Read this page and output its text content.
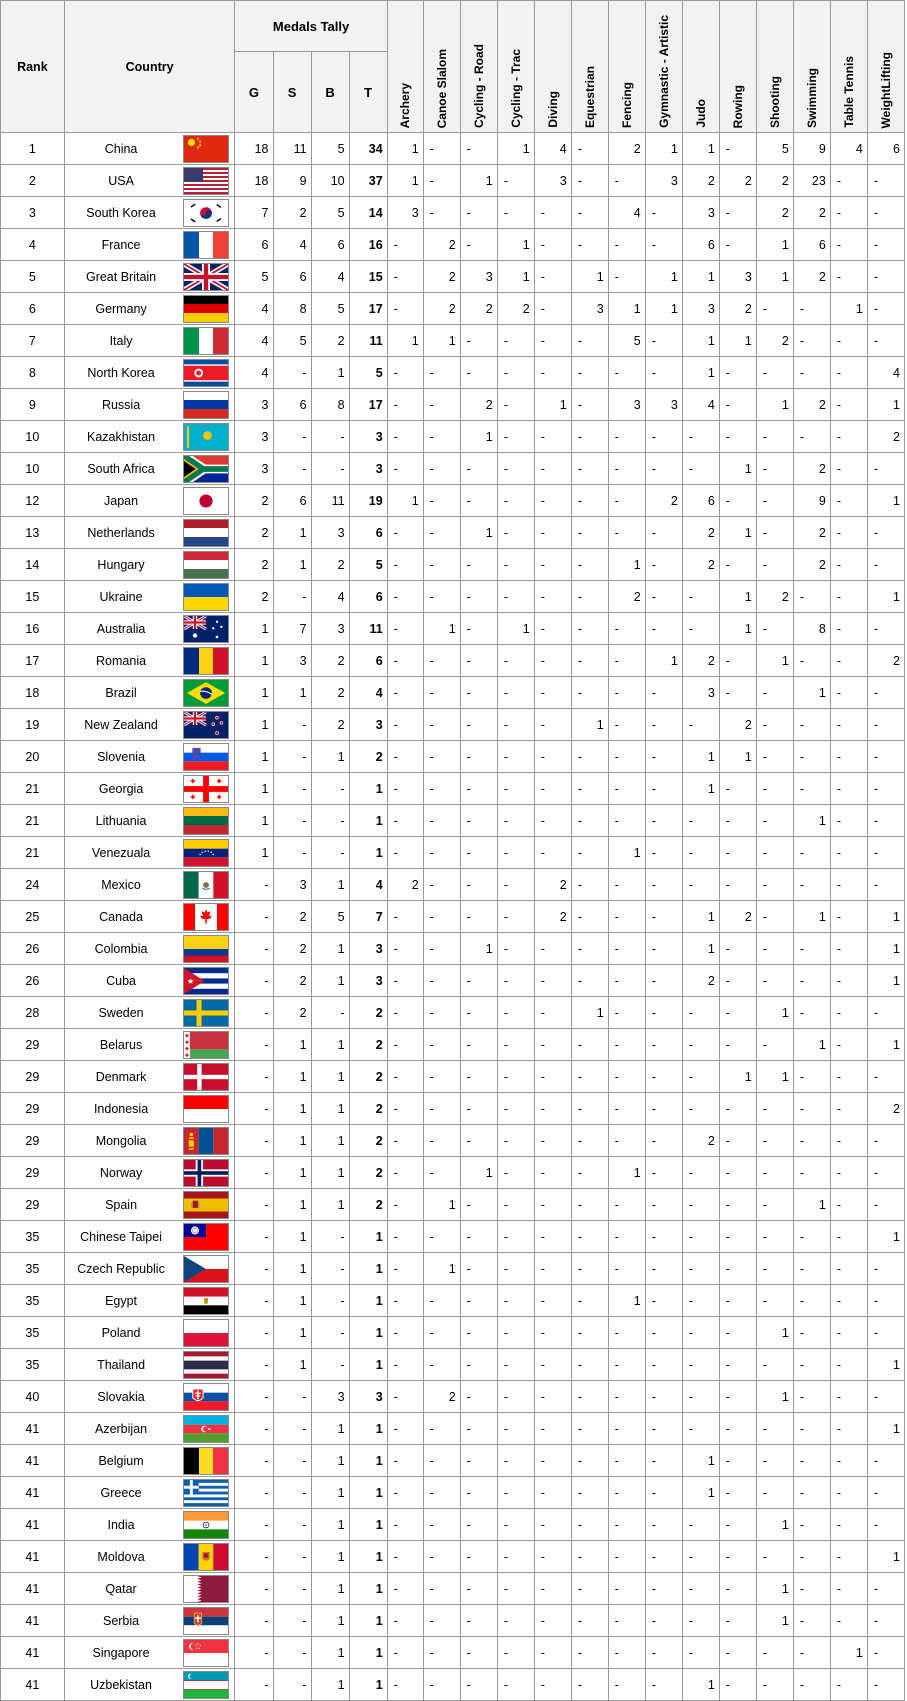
Rank	Country		Medals Tally				Archery	Canoe Slalom	Cycling - Road	Cycling - Trac	Diving	Equestrian	Fencing	Gymnastic - Artistic	Judo	Rowing	Shooting	Swimming	Table Tennis	WeightLifting

			G	S	B	T														
1	China		18	11	5	34	1	-	-	1	4	-	2	1	1	-	5	9	4	6
2	USA		18	9	10	37	1	-	1	-	3	-	-	3	2	2	2	23	-	-
3	South Korea		7	2	5	14	3	-	-	-	-	-	4	-	3	-	2	2	-	-
4	France		6	4	6	16	-	2	-	1	-	-	-	-	6	-	1	6	-	-
5	Great Britain		5	6	4	15	-	2	3	1	-	1	-	1	1	3	1	2	-	-
6	Germany		4	8	5	17	-	2	2	2	-	3	1	1	3	2	-	-	1	-
7	Italy		4	5	2	11	1	1	-	-	-	-	5	-	1	1	2	-	-	-
8	North Korea		4	-	1	5	-	-	-	-	-	-	-	-	1	-	-	-	-	4
9	Russia		3	6	8	17	-	-	2	-	1	-	3	3	4	-	1	2	-	1
10	Kazakhistan		3	-	-	3	-	-	1	-	-	-	-	-	-	-	-	-	-	2
10	South Africa		3	-	-	3	-	-	-	-	-	-	-	-	-	1	-	2	-	-
12	Japan		2	6	11	19	1	-	-	-	-	-	-	2	6	-	-	9	-	1
13	Netherlands		2	1	3	6	-	-	1	-	-	-	-	-	2	1	-	2	-	-
14	Hungary		2	1	2	5	-	-	-	-	-	-	1	-	2	-	-	2	-	-
15	Ukraine		2	-	4	6	-	-	-	-	-	-	2	-	-	1	2	-	-	1
16	Australia		1	7	3	11	-	1	-	1	-	-	-	-	-	1	-	8	-	-
17	Romania		1	3	2	6	-	-	-	-	-	-	-	1	2	-	1	-	-	2
18	Brazil		1	1	2	4	-	-	-	-	-	-	-	-	3	-	-	1	-	-
19	New Zealand		1	-	2	3	-	-	-	-	-	1	-	-	-	2	-	-	-	-
20	Slovenia		1	-	1	2	-	-	-	-	-	-	-	-	1	1	-	-	-	-
21	Georgia		1	-	-	1	-	-	-	-	-	-	-	-	1	-	-	-	-	-
21	Lithuania		1	-	-	1	-	-	-	-	-	-	-	-	-	-	-	1	-	-
21	Venezuala		1	-	-	1	-	-	-	-	-	-	1	-	-	-	-	-	-	-
24	Mexico		-	3	1	4	2	-	-	-	2	-	-	-	-	-	-	-	-	-
25	Canada		-	2	5	7	-	-	-	-	2	-	-	-	1	2	-	1	-	1
26	Colombia		-	2	1	3	-	-	1	-	-	-	-	-	1	-	-	-	-	1
26	Cuba		-	2	1	3	-	-	-	-	-	-	-	-	2	-	-	-	-	1
28	Sweden		-	2	-	2	-	-	-	-	-	1	-	-	-	-	1	-	-	-
29	Belarus		-	1	1	2	-	-	-	-	-	-	-	-	-	-	-	1	-	1
29	Denmark		-	1	1	2	-	-	-	-	-	-	-	-	-	1	1	-	-	-
29	Indonesia		-	1	1	2	-	-	-	-	-	-	-	-	-	-	-	-	-	2
29	Mongolia		-	1	1	2	-	-	-	-	-	-	-	-	2	-	-	-	-	-
29	Norway		-	1	1	2	-	-	1	-	-	-	1	-	-	-	-	-	-	-
29	Spain		-	1	1	2	-	1	-	-	-	-	-	-	-	-	-	1	-	-
35	Chinese Taipei		-	1	-	1	-	-	-	-	-	-	-	-	-	-	-	-	-	1
35	Czech Republic		-	1	-	1	-	1	-	-	-	-	-	-	-	-	-	-	-	-
35	Egypt		-	1	-	1	-	-	-	-	-	-	1	-	-	-	-	-	-	-
35	Poland		-	1	-	1	-	-	-	-	-	-	-	-	-	-	1	-	-	-
35	Thailand		-	1	-	1	-	-	-	-	-	-	-	-	-	-	-	-	-	1
40	Slovakia		-	-	3	3	-	2	-	-	-	-	-	-	-	-	1	-	-	-
41	Azerbijan		-	-	1	1	-	-	-	-	-	-	-	-	-	-	-	-	-	1
41	Belgium		-	-	1	1	-	-	-	-	-	-	-	-	1	-	-	-	-	-
41	Greece		-	-	1	1	-	-	-	-	-	-	-	-	1	-	-	-	-	-
41	India		-	-	1	1	-	-	-	-	-	-	-	-	-	-	1	-	-	-
41	Moldova		-	-	1	1	-	-	-	-	-	-	-	-	-	-	-	-	-	1
41	Qatar		-	-	1	1	-	-	-	-	-	-	-	-	-	-	1	-	-	-
41	Serbia		-	-	1	1	-	-	-	-	-	-	-	-	-	-	1	-	-	-
41	Singapore		-	-	1	1	-	-	-	-	-	-	-	-	-	-	-	-	1	-
41	Uzbekistan		-	-	1	1	-	-	-	-	-	-	-	-	1	-	-	-	-	-
